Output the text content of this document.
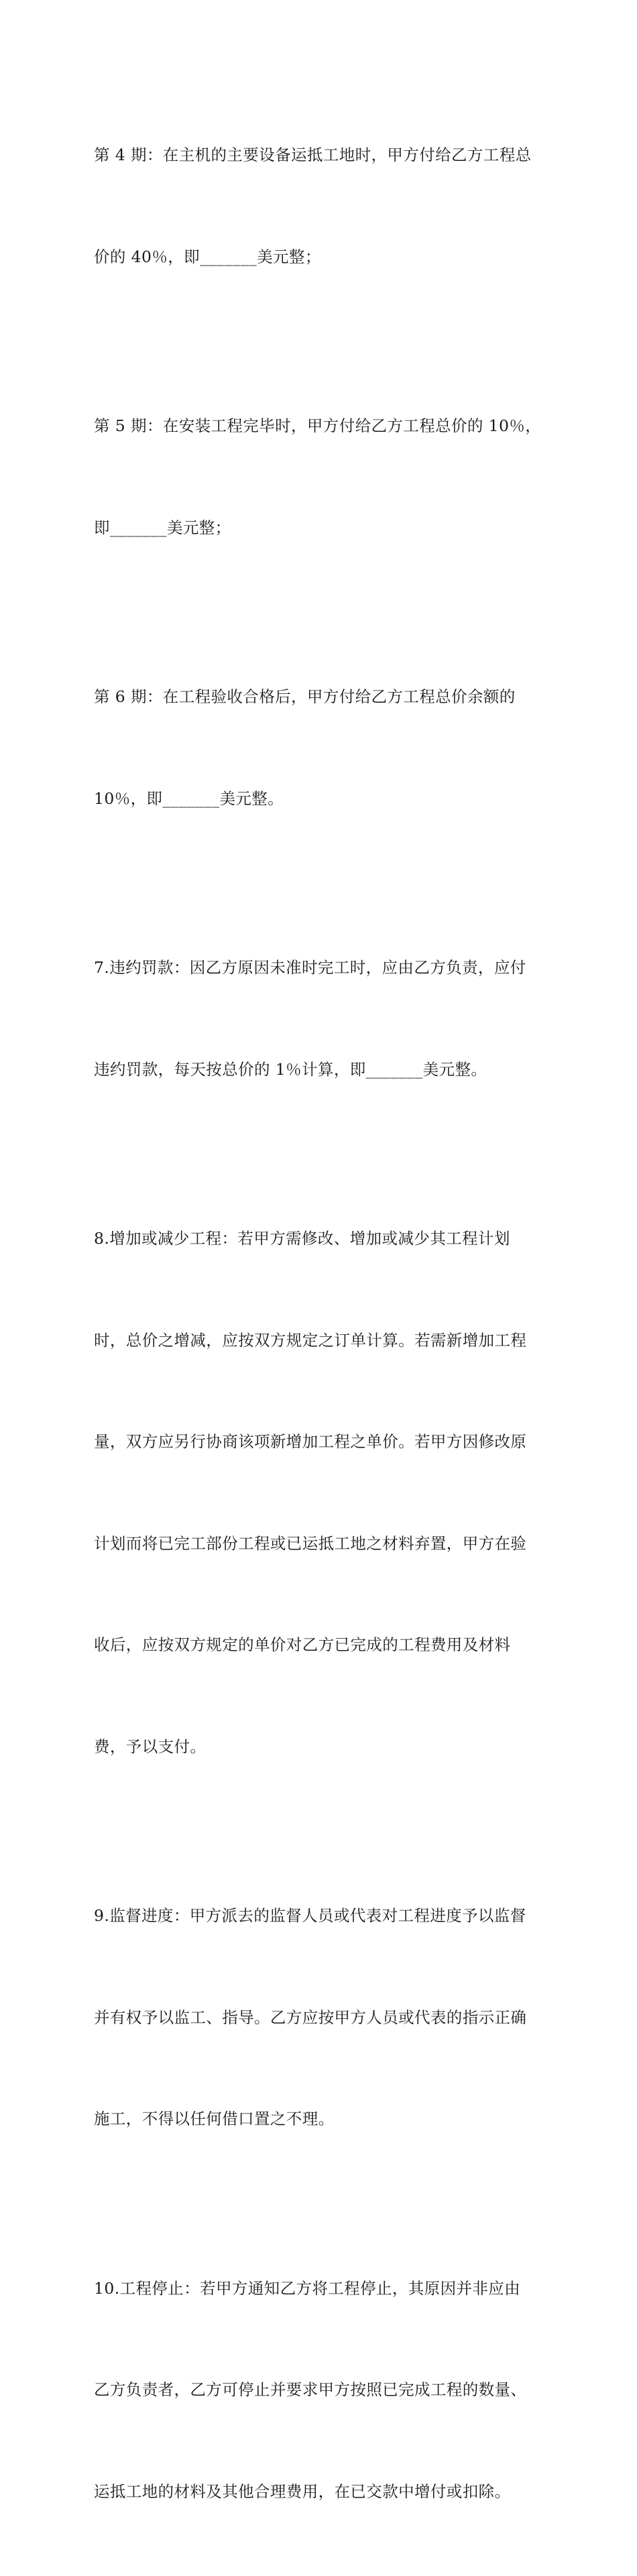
第 4 期：在主机的主要设备运抵工地时，甲方付给乙方工程总

价的 40％，即_______美元整；

第 5 期：在安装工程完毕时，甲方付给乙方工程总价的 10％，

即_______美元整；

第 6 期：在工程验收合格后，甲方付给乙方工程总价余额的

10％，即_______美元整。

7.违约罚款：因乙方原因未准时完工时，应由乙方负责，应付

违约罚款，每天按总价的 1％计算，即_______美元整。

8.增加或减少工程：若甲方需修改、增加或减少其工程计划

时，总价之增减，应按双方规定之订单计算。若需新增加工程

量，双方应另行协商该项新增加工程之单价。若甲方因修改原

计划而将已完工部份工程或已运抵工地之材料弃置，甲方在验

收后，应按双方规定的单价对乙方已完成的工程费用及材料

费，予以支付。

9.监督进度：甲方派去的监督人员或代表对工程进度予以监督

并有权予以监工、指导。乙方应按甲方人员或代表的指示正确

施工，不得以任何借口置之不理。

10.工程停止：若甲方通知乙方将工程停止，其原因并非应由

乙方负责者，乙方可停止并要求甲方按照已完成工程的数量、

运抵工地的材料及其他合理费用，在已交款中增付或扣除。
